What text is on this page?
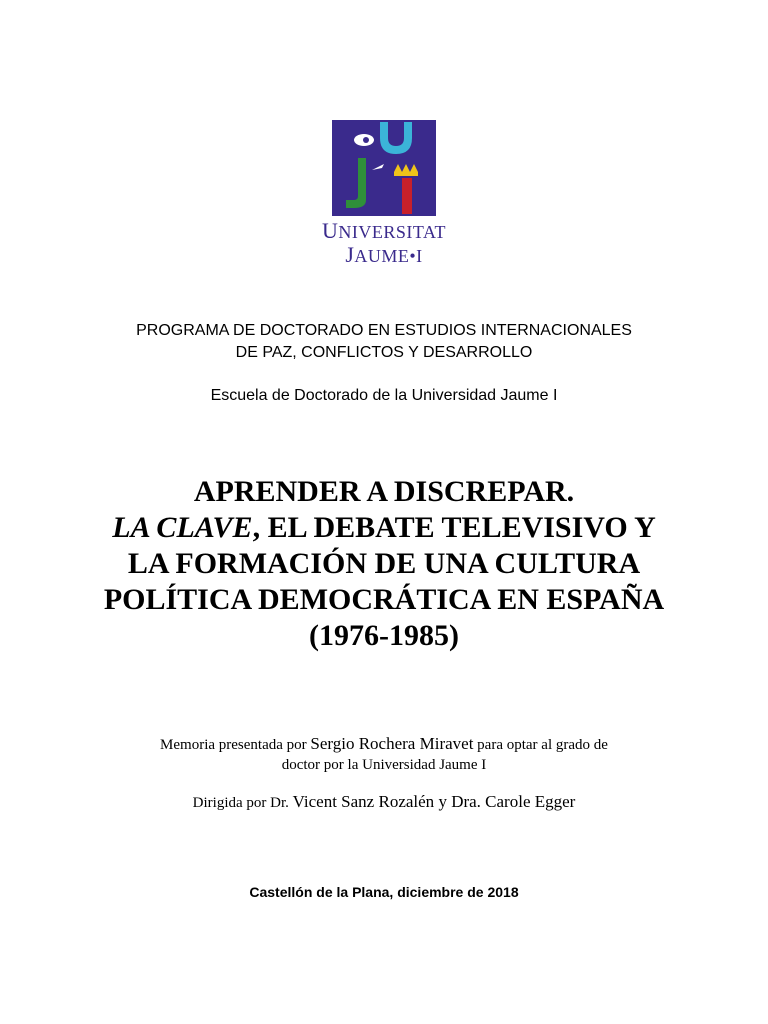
UNIVERSITAT
JAUME•I
PROGRAMA DE DOCTORADO EN ESTUDIOS INTERNACIONALES
DE PAZ, CONFLICTOS Y DESARROLLO
Escuela de Doctorado de la Universidad Jaume I
APRENDER A DISCREPAR.
LA CLAVE, EL DEBATE TELEVISIVO Y
LA FORMACIÓN DE UNA CULTURA
POLÍTICA DEMOCRÁTICA EN ESPAÑA
(1976-1985)
Memoria presentada por Sergio Rochera Miravet para optar al grado de
doctor por la Universidad Jaume I
Dirigida por Dr. Vicent Sanz Rozalén y Dra. Carole Egger
Castellón de la Plana, diciembre de 2018
